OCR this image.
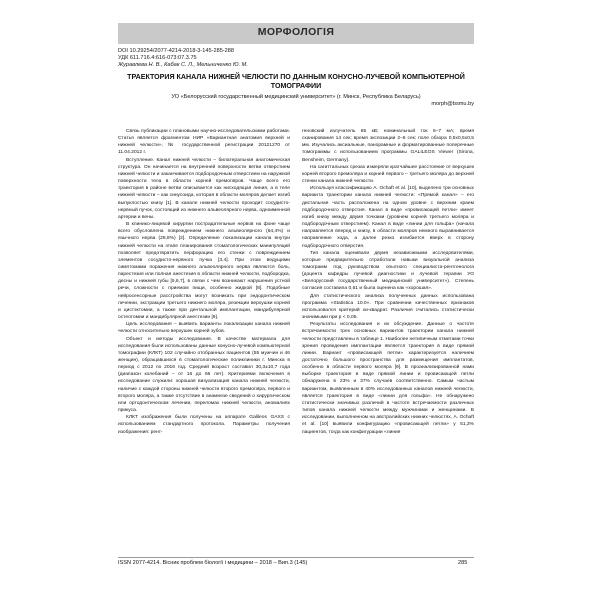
МОРФОЛОГІЯ
DOI 10.29254/2077-4214-2018-3-145-285-288
УДК 611.716.4:616-073:07.3.75
Журавлева Н. В., Кабак С. Л., Мельниченко Ю. М.
ТРАЕКТОРИЯ КАНАЛА НИЖНЕЙ ЧЕЛЮСТИ ПО ДАННЫМ КОНУСНО-ЛУЧЕВОЙ КОМПЬЮТЕРНОЙ ТОМОГРАФИИ
УО «Белорусский государственный медицинский университет» (г. Минск, Республика Беларусь)
morph@bsmu.by

Связь публикации с плановыми научно-исследовательскими работами. Статья является фрагментом НИР «Вариантная анатомия верхней и нижней челюсти», № государственной регистрации 20121270 от 11.04.2012 г.

Вступление. Канал нижней челюсти – билатеральная анатомическая структура. Он начинается на внутренней поверхности ветви отверстием нижней челюсти и заканчивается подбородочным отверстием на наружной поверхности тела в области корней премоляров. Чаще всего его траектория в районе ветви описывается как нисходящая линия, а в теле нижней челюсти – как синусоида, которая в области моляров делает изгиб выпуклостью книзу [1]. В канале нижней челюсти проходит сосудисто-нервный пучок, состоящий из нижнего альвеолярного нерва, одноименной артерии и вены.

В клинико-лицевой хирургии пострадательные нервов на фоне чаще всего обусловлена повреждением нижнего альвеолярного (64,4%) и язычного нерва (28,8%) [2]. Определение локализации канала внутри нижней челюсти на этапе планирования стоматологических манипуляций позволяет предотвратить перфорацию его стенки с повреждением элементов сосудисто-нервного пучка [3,4]. При этом ведущими симптомами поражения нижнего альвеолярного нерва являются боль, парестезия или полная анестезия в области нижней челюсти, подбородка, десны и нижней губы [5,6,7], в связи с чем возникают нарушения устной речи, сложности с приемом пищи, особенно жидкой [8]. Подобные нейросенсорные расстройства могут возникать при эндодонтическом лечении, экстракции третьего нижнего моляра, резекции верхушки корней и цистэктомии, а также при дентальной имплантации, мандибулярной остеотомии и мандибулярной анестезии [9].

Цель исследования – выявить варианты локализации канала нижней челюсти относительно верхушек корней зубов.

Объект и методы исследования. В качестве материала для исследования были использованы данные конусно-лучевой компьютерной томографии (КЛКТ) 102 случайно отобранных пациентов (55 мужчин и 46 женщин), обращавшихся в стоматологические поликлиники г. Минска в период с 2012 по 2016 год. Средний возраст составил 30,3±10,7 года (диапазон колебаний – от 16 до 66 лет). Критериями включения в исследование служили: хорошая визуализация канала нижней челюсти, наличие с каждой стороны нижней челюсти второго премоляра, первого и второго моляра, а также отсутствие в анамнезе сведений о хирургическом или ортодонтическом лечении, переломах нижней челюсти, аномалиях прикуса.

КЛКТ изображения были получены на аппарате Galileos GAXS с использованием стандартного протокола. Параметры получения изображения: рент-

геновский излучатель 85 кВ; номинальный ток 5–7 мА; время сканирования 14 сек; время экспозиции 2–6 сек; поле обзора 0,5х0,5х0,5 мм. Изучались аксиальные, панорамные и форматированные поперечные томограммы с использованием программы GALILEOS Viewer (Sirona, Bensheim, Germany).

На сагиттальных срезах измеряли кратчайшее расстояние от верхушек корней второго премоляра и корней первого – третьего моляра до верхней стенки канала нижней челюсти.

Используя классификацию A. Ochaft et al. [10], выделено три основных варианта траектории канала нижней челюсти: «Прямой канал» – его дистальная часть расположена на одном уровне с верхним краем подбородочного отверстия. Канал в виде «провисающей петли» имеет изгиб книзу между двумя точками (уровнем корней третьего моляра и подбородочным отверстием). Канал в виде «линии для гольфа» (начала направляется вперед и книзу, в области моляров немного выравнивается направление хода, а далее резко изгибается вверх в сторону подбородочного отверстия.

Тип канала оценивали двумя независимыми исследователями, которые предварительно отработали навыки визуальной анализа томограмм под руководством опытного специалиста-рентгенолога (доцента кафедры лучевой диагностики и лучевой терапии УО «Белорусский государственный медицинский университет»). Степень согласия составила 0,61 и была оценена как «хорошая».

Для статистического анализа полученных данных использована программа «Statistica 10.0». При сравнении качественных признаков использовался критерий хи-квадрат. Различия считались статистически значимыми при p < 0,05.

Результаты исследования и их обсуждение. Данные о частоте встречаемости трех основных вариантов траектории канала нижней челюсти представлены в таблице 1. Наиболее нетипичным отметами точки зрения проведения имплантации является траектория в виде прямой линии. Вариант «провисающей петли» характеризуется наличием достаточно большого пространства для размещения имплантатов, особенно в области первого моляра [9]. В проанализированной нами выборке траектория в виде прямой линии и провисающей петли обнаружена в 23% и 37% случаев соответственно. Самым частым вариантом, выявленным в 40% исследованных каналов нижней челюсти, является траектория в виде «линии для гольфа». Не обнаружено статистически значимых различий в частоте встречаемости различных типов канала нижней челюсти между мужчинами и женщинами. В исследовании, выполненном на австралийских нижних челюстях, A. Ochaft et al. [10] выявили конфигурацию «провисающей петли» у 51,3% пациентов, тогда как конфигурации «линия

ISSN 2077-4214. Вісник проблем біології і медицини – 2018 – Вип.3 (145)	285
